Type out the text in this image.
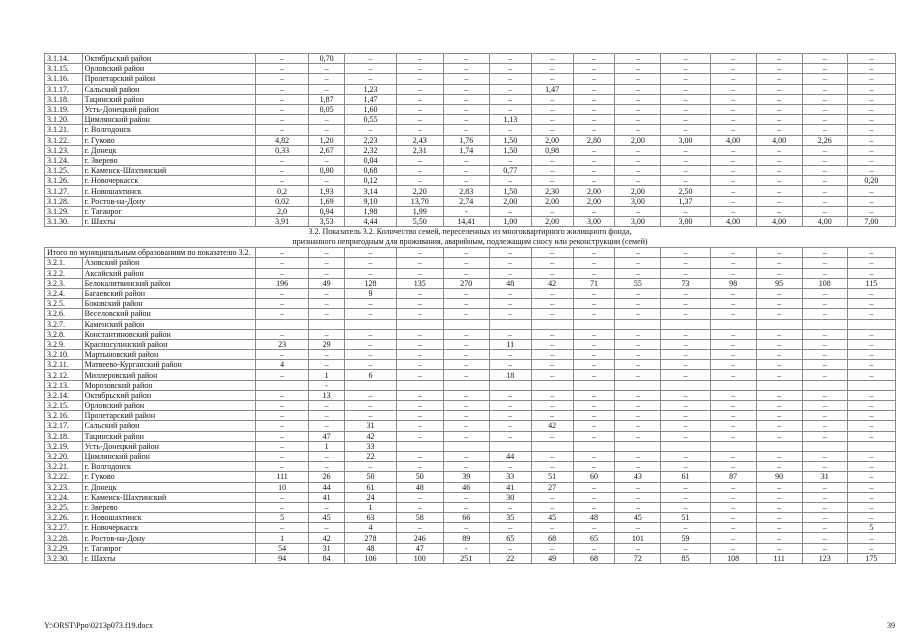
3.1.14.	Октябрьский район	–	0,70	–	–	–	–	–	–	–	–	–	–	–	–
3.1.15.	Орловский район	–	–	–	–	–	–	–	–	–	–	–	–	–	–
3.1.16.	Пролетарский район	–	–	–	–	–	–	–	–	–	–	–	–	–	–
3.1.17.	Сальский район	–	–	1,23	–	–	–	1,47	–	–	–	–	–	–	–
3.1.18.	Тацинский район	–	1,87	1,47	–	–	–	–	–	–	–	–	–	–	–
3.1.19.	Усть-Донецкий район	–	0,05	1,60	–	–	–	–	–	–	–	–	–	–	–
3.1.20.	Цимлянский район	–	–	0,55	–	–	1,13	–	–	–	–	–	–	–	–
3.1.21.	г. Волгодонск	–	–	–	–	–	–	–	–	–	–	–	–	–	–
3.1.22.	г. Гуково	4,82	1,20	2,23	2,43	1,76	1,50	2,00	2,80	2,00	3,00	4,00	4,00	2,26	–
3.1.23.	г. Донецк	0,33	2,67	2,32	2,31	1,74	1,50	0,98	–	–	–	–	–	–	–
3.1.24.	г. Зверево	–	–	0,04	–	–	–	–	–	–	–	–	–	–	–
3.1.25.	г. Каменск-Шахтинский	–	0,90	0,68	–	–	0,77	–	–	–	–	–	–	–	–
3.1.26.	г. Новочеркасск	–	–	0,12	–	–	–	–	–	–	–	–	–	–	0,20
3.1.27.	г. Новошахтинск	0,2	1,93	3,14	2,20	2,83	1,50	2,30	2,00	2,00	2,50	–	–	–	–
3.1.28.	г. Ростов-на-Дону	0,02	1,69	9,10	13,70	2,74	2,00	2,00	2,00	3,00	1,37	–	–	–	–
3.1.29.	г. Таганрог	2,0	0,94	1,98	1,99	-	–	–	–	–	–	–	–	–	–
3.1.30.	г. Шахты	3,91	3,53	4,44	5,50	14,41	1,00	2,00	3,00	3,00	3,00	4,00	4,00	4,00	7,00
3.2. Показатель 3.2. Количество семей, переселенных из многоквартирного жилищного фонда,															
признанного непригодным для проживания, аварийным, подлежащим сносу или реконструкции (семей)															
Итого по муниципальным образованиям по показателю 3.2.		–	–	–	–	–	–	–	–	–	–	–	–	–	–
3.2.1.	Азовский район	–	–	–	–	–	–	–	–	–	–	–	–	–	–
3.2.2.	Аксайский район	–	–	–	–	–	–	–	–	–	–	–	–	–	–
3.2.3.	Белокалитвинский район	196	49	128	135	270	48	42	71	55	73	98	95	108	115
3.2.4.	Багаевский район	–	–	9	–	–	–	–	–	–	–	–	–	–	–
3.2.5.	Боковский район	–	–	–	–	–	–	–	–	–	–	–	–	–	–
3.2.6.	Веселовский район	–	–	–	–	–	–	–	–	–	–	–	–	–	–
3.2.7.	Каменский район														
3.2.8.	Константиновский район	–	–	–	–	–	–	–	–	–	–	–	–	–	–
3.2.9.	Красносулинский район	23	29	–	–	–	11	–	–	–	–	–	–	–	–
3.2.10.	Мартыновский район	–	–	–	–	–	–	–	–	–	–	–	–	–	–
3.2.11.	Матвеево-Курганский район	4	–	–	–	–	–	–	–	–	–	–	–	–	–
3.2.12.	Миллеровский район	–	1	6	–	–	18	–	–	–	–	–	–	–	–
3.2.13.	Морозовский район		-												
3.2.14.	Октябрьский район	–	13	–	–	–	–	–	–	–	–	–	–	–	–
3.2.15.	Орловский район	–	–	–	–	–	–	–	–	–	–	–	–	–	–
3.2.16.	Пролетарский район	–	–	–	–	–	–	–	–	–	–	–	–	–	–
3.2.17.	Сальский район	–	–	31	–	–	–	42	–	–	–	–	–	–	–
3.2.18.	Тацинский район	–	47	42	–	–	–	–	–	–	–	–	–	–	–
3.2.19.	Усть-Донецкий район	–	1	33											
3.2.20.	Цимлянский район	–	–	22	–	–	44	–	–	–	–	–	–	–	–
3.2.21.	г. Волгодонск	–	–	–	–	–	–	–	–	–	–	–	–	–	–
3.2.22.	г. Гуково	111	26	50	50	39	33	51	60	43	61	87	90	31	–
3.2.23.	г. Донецк	10	44	61	48	46	41	27	–	–	–	–	–	–	–
3.2.24.	г. Каменск-Шахтинский	–	41	24	–	–	30	–	–	–	–	–	–	–	–
3.2.25.	г. Зверево	–	–	1	–	–	–	–	–	–	–	–	–	–	–
3.2.26.	г. Новошахтинск	5	45	63	58	66	35	45	48	45	51	–	–	–	–
3.2.27.	г. Новочеркасск	–	–	4	–	–	–	–	–	–	–	–	–	–	5
3.2.28.	г. Ростов-на-Дону	1	42	278	246	89	65	68	65	101	59	–	–	–	–
3.2.29.	г. Таганрог	54	31	48	47	-	–	–	–	–	–	–	–	–	–
3.2.30.	г. Шахты	94	84	106	100	251	22	49	68	72	85	108	111	123	175
Y:\ORST\Ppo\0213p073.f19.docx	39
